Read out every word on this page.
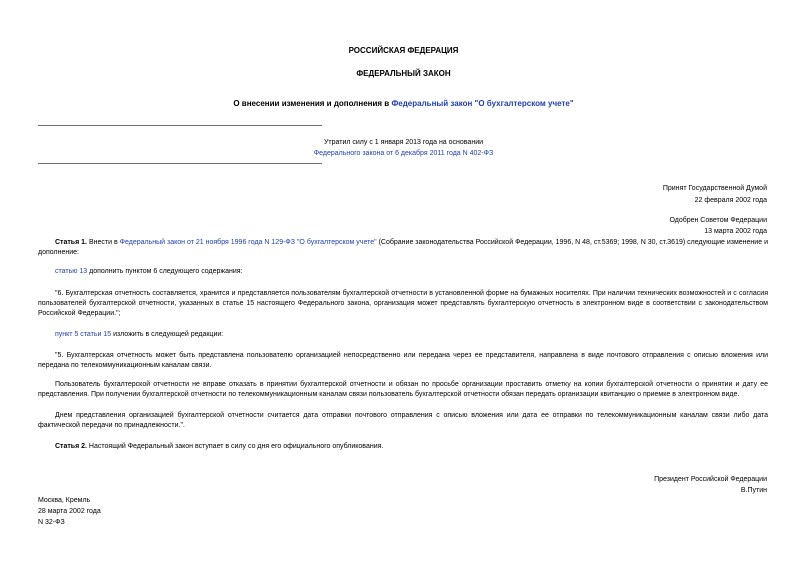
РОССИЙСКАЯ ФЕДЕРАЦИЯ
ФЕДЕРАЛЬНЫЙ ЗАКОН
О внесении изменения и дополнения в Федеральный закон "О бухгалтерском учете"
Утратил силу с 1 января 2013 года на основании
Федерального закона от 6 декабря 2011 года N 402-ФЗ
Принят Государственной Думой
22 февраля 2002 года
Одобрен Советом Федерации
13 марта 2002 года
Статья 1. Внести в Федеральный закон от 21 ноября 1996 года N 129-ФЗ "О бухгалтерском учете" (Собрание законодательства Российской Федерации, 1996, N 48, ст.5369; 1998, N 30, ст.3619) следующие изменение и дополнение:
статью 13 дополнить пунктом 6 следующего содержания:
"6. Бухгалтерская отчетность составляется, хранится и представляется пользователям бухгалтерской отчетности в установленной форме на бумажных носителях. При наличии технических возможностей и с согласия пользователей бухгалтерской отчетности, указанных в статье 15 настоящего Федерального закона, организация может представлять бухгалтерскую отчетность в электронном виде в соответствии с законодательством Российской Федерации.";
пункт 5 статьи 15 изложить в следующей редакции:
"5. Бухгалтерская отчетность может быть представлена пользователю организацией непосредственно или передана через ее представителя, направлена в виде почтового отправления с описью вложения или передана по телекоммуникационным каналам связи.
Пользователь бухгалтерской отчетности не вправе отказать в принятии бухгалтерской отчетности и обязан по просьбе организации проставить отметку на копии бухгалтерской отчетности о принятии и дату ее представления. При получении бухгалтерской отчетности по телекоммуникационным каналам связи пользователь бухгалтерской отчетности обязан передать организации квитанцию о приемке в электронном виде.
Днем представления организацией бухгалтерской отчетности считается дата отправки почтового отправления с описью вложения или дата ее отправки по телекоммуникационным каналам связи либо дата фактической передачи по принадлежности.".
Статья 2. Настоящий Федеральный закон вступает в силу со дня его официального опубликования.
Президент Российской Федерации
В.Путин
Москва, Кремль
28 марта 2002 года
N 32-ФЗ
